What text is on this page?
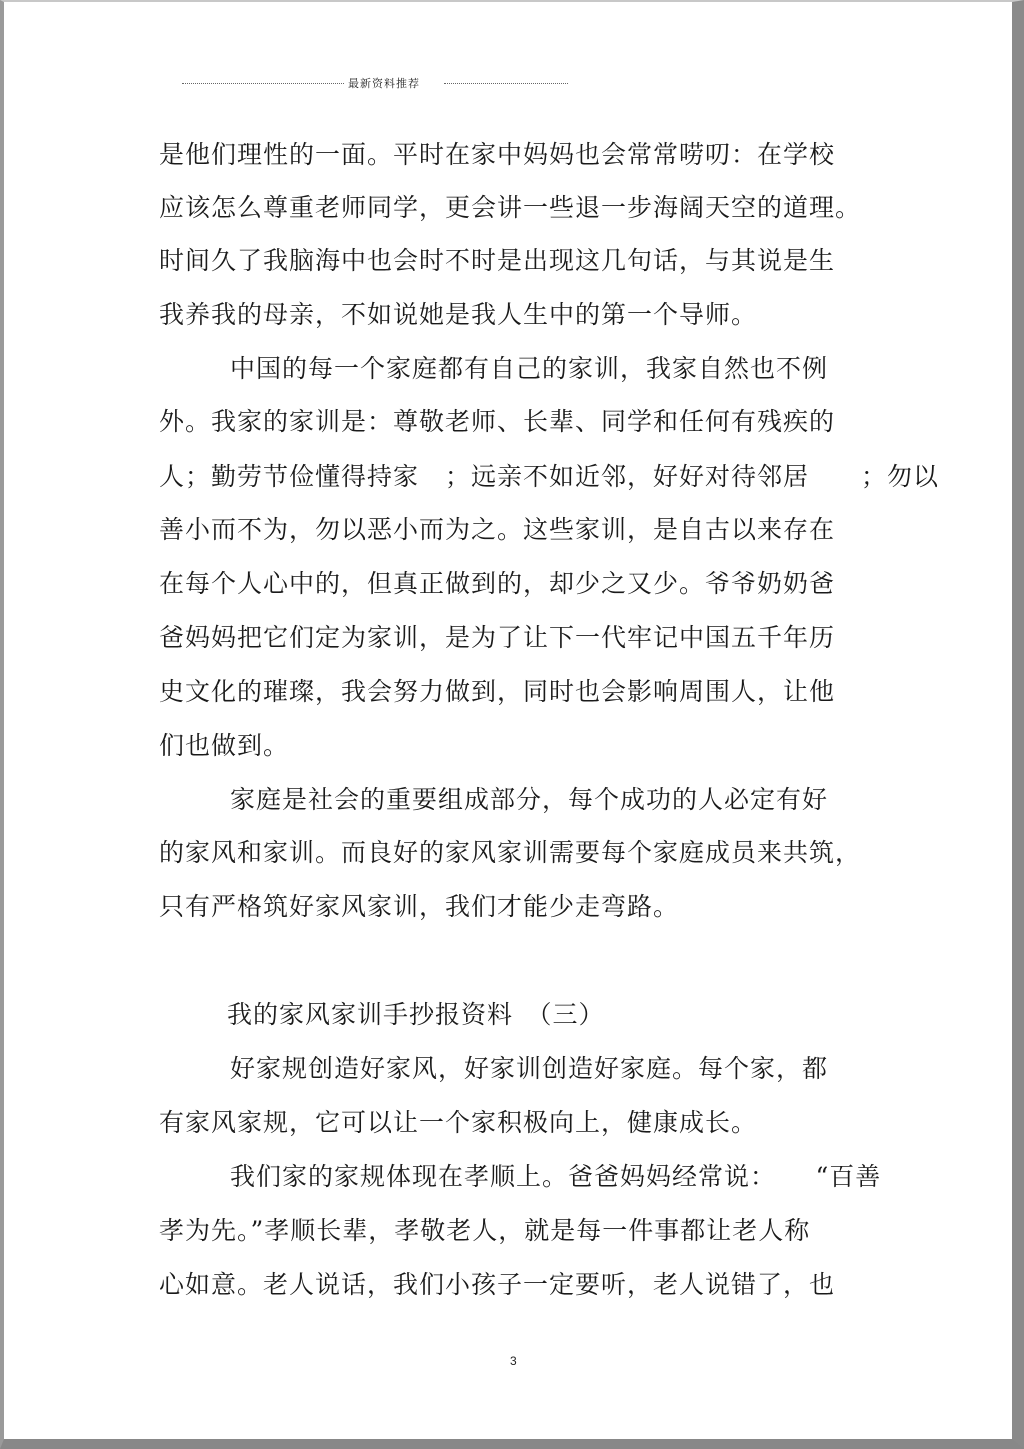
最新资料推荐
是他们理性的一面。平时在家中妈妈也会常常唠叨：在学校
应该怎么尊重老师同学，更会讲一些退一步海阔天空的道理。
时间久了我脑海中也会时不时是出现这几句话，与其说是生
我养我的母亲，不如说她是我人生中的第一个导师。
中国的每一个家庭都有自己的家训，我家自然也不例
外。我家的家训是：尊敬老师、长辈、同学和任何有残疾的
人；勤劳节俭懂得持家　；远亲不如近邻，好好对待邻居　　；勿以
善小而不为，勿以恶小而为之。这些家训，是自古以来存在
在每个人心中的，但真正做到的，却少之又少。爷爷奶奶爸
爸妈妈把它们定为家训，是为了让下一代牢记中国五千年历
史文化的璀璨，我会努力做到，同时也会影响周围人，让他
们也做到。
家庭是社会的重要组成部分，每个成功的人必定有好
的家风和家训。而良好的家风家训需要每个家庭成员来共筑，
只有严格筑好家风家训，我们才能少走弯路。
我的家风家训手抄报资料　（三）
好家规创造好家风，好家训创造好家庭。每个家，都
有家风家规，它可以让一个家积极向上，健康成长。
我们家的家规体现在孝顺上。爸爸妈妈经常说：　　“百善
孝为先。”孝顺长辈，孝敬老人，就是每一件事都让老人称
心如意。老人说话，我们小孩子一定要听，老人说错了，也
3
